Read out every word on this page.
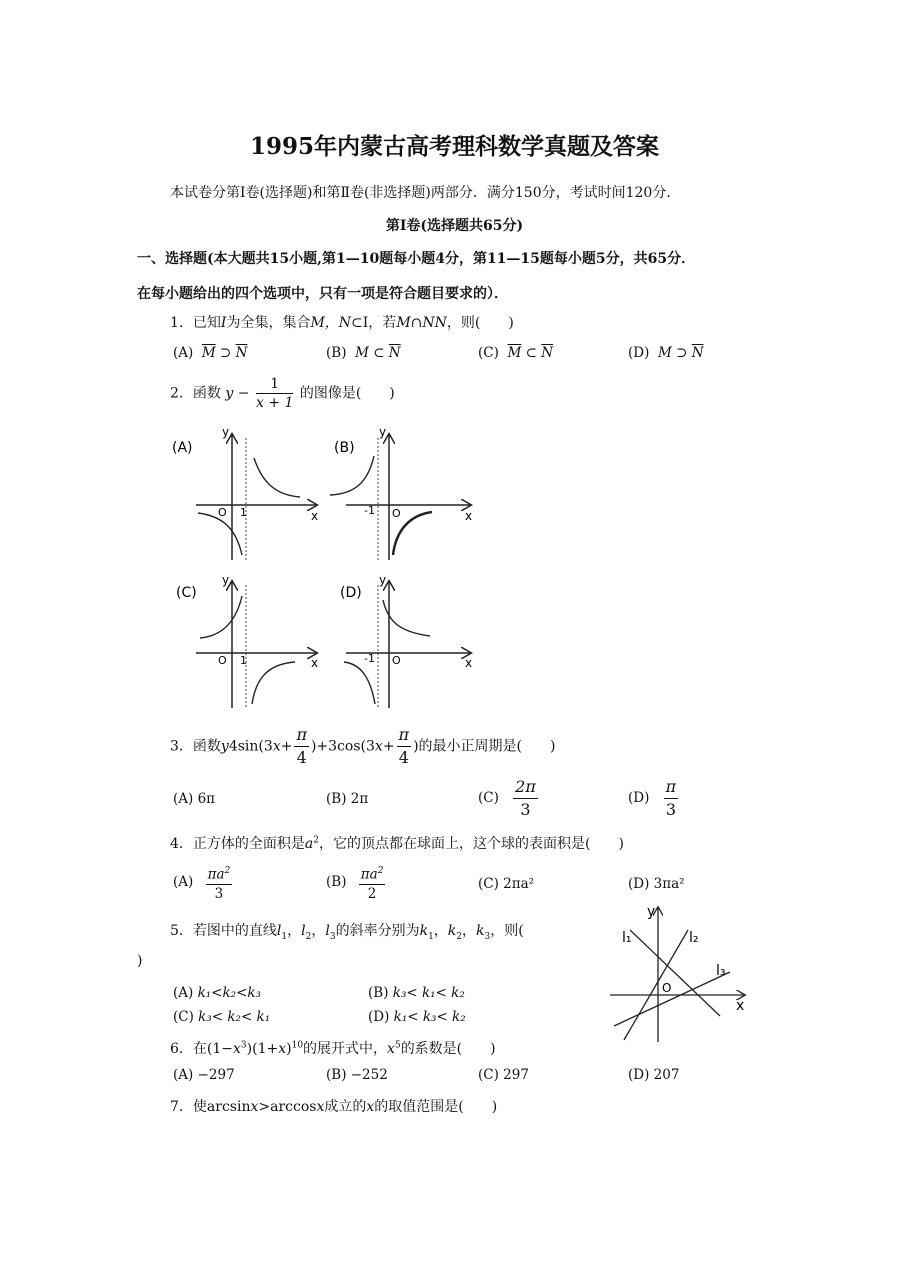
1995年内蒙古高考理科数学真题及答案
本试卷分第Ⅰ卷(选择题)和第Ⅱ卷(非选择题)两部分．满分150分，考试时间120分．
第Ⅰ卷(选择题共65分)
一、选择题(本大题共15小题,第1—10题每小题4分，第11—15题每小题5分，共65分．
在每小题给出的四个选项中，只有一项是符合题目要求的）．
1．已知I为全集，集合M，N⊂I，若M∩NN，则(　　)
(A) $\overline{M}$ ⊃ $\overline{N}$	(B) M ⊂ $\overline{N}$	(C) $\overline{M}$ ⊂ $\overline{N}$	(D) M ⊃ $\overline{N}$
2．函数 $y - \frac{1}{x + 1}$ 的图像是(　　)
(A)
y
x
O 1
(B)
y
x
O
-1
(C)
y
x
O 1
(D)
y
x
O
-1
3．函数$y4\sin(3x+ \frac{\pi}{4} )+3\cos(3x+ \frac{\pi}{4}$ )的最小正周期是(　　)
(A) 6π	(B) 2π	$(C) \frac{2\pi}{3}$	$(D) \frac{\pi}{3}$
4．正方体的全面积是$a^2$，它的顶点都在球面上，这个球的表面积是(　　)
$(A) \frac{\pi a^2}{3}$	$(B) \frac{\pi a^2}{2}$	(C) 2πa²	(D) 3πa²
5．若图中的直线$l_1$，$l_2$，$l_3$的斜率分别为$k_1$，$k_2$，$k_3$，则(
)
(A) k₁<k₂<k₃	(B) k₃< k₁< k₂
(C) k₃< k₂< k₁	(D) k₁< k₃< k₂
y
x
O
l₁	l₂
l₃
6．在$(1-x^3)(1+x)^{10}$的展开式中，$x^5$的系数是(　　)
(A) −297	(B) −252	(C) 297	(D) 207
7．使arcsinx>arccosx成立的x的取值范围是(　　)
